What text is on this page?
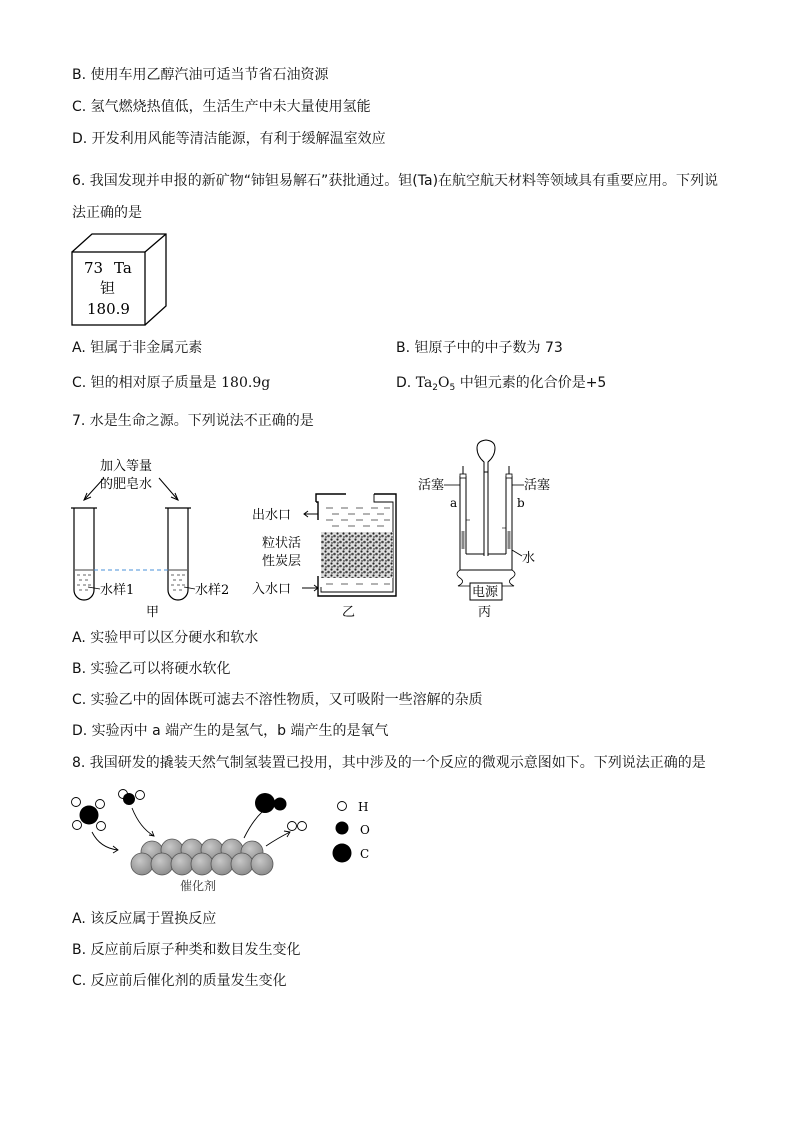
B. 使用车用乙醇汽油可适当节省石油资源
C. 氢气燃烧热值低，生活生产中未大量使用氢能
D. 开发利用风能等清洁能源，有利于缓解温室效应
6. 我国发现并申报的新矿物“铈钽易解石”获批通过。钽(Ta)在航空航天材料等领域具有重要应用。下列说
法正确的是
73 Ta
钽
180.9
A. 钽属于非金属元素	B. 钽原子中的中子数为 73
C. 钽的相对原子质量是 180.9g	D. $Ta_2O_5$ 中钽元素的化合价是+5
7. 水是生命之源。下列说法不正确的是
加入等量
的肥皂水
水样1	水样2
甲
出水口
粒状活
性炭层
入水口
乙
活塞
a
活塞
b
水
电源
丙
A. 实验甲可以区分硬水和软水
B. 实验乙可以将硬水软化
C. 实验乙中的固体既可滤去不溶性物质，又可吸附一些溶解的杂质
D. 实验丙中 a 端产生的是氢气，b 端产生的是氧气
8. 我国研发的撬装天然气制氢装置已投用，其中涉及的一个反应的微观示意图如下。下列说法正确的是
催化剂
H
O
C
A. 该反应属于置换反应
B. 反应前后原子种类和数目发生变化
C. 反应前后催化剂的质量发生变化
